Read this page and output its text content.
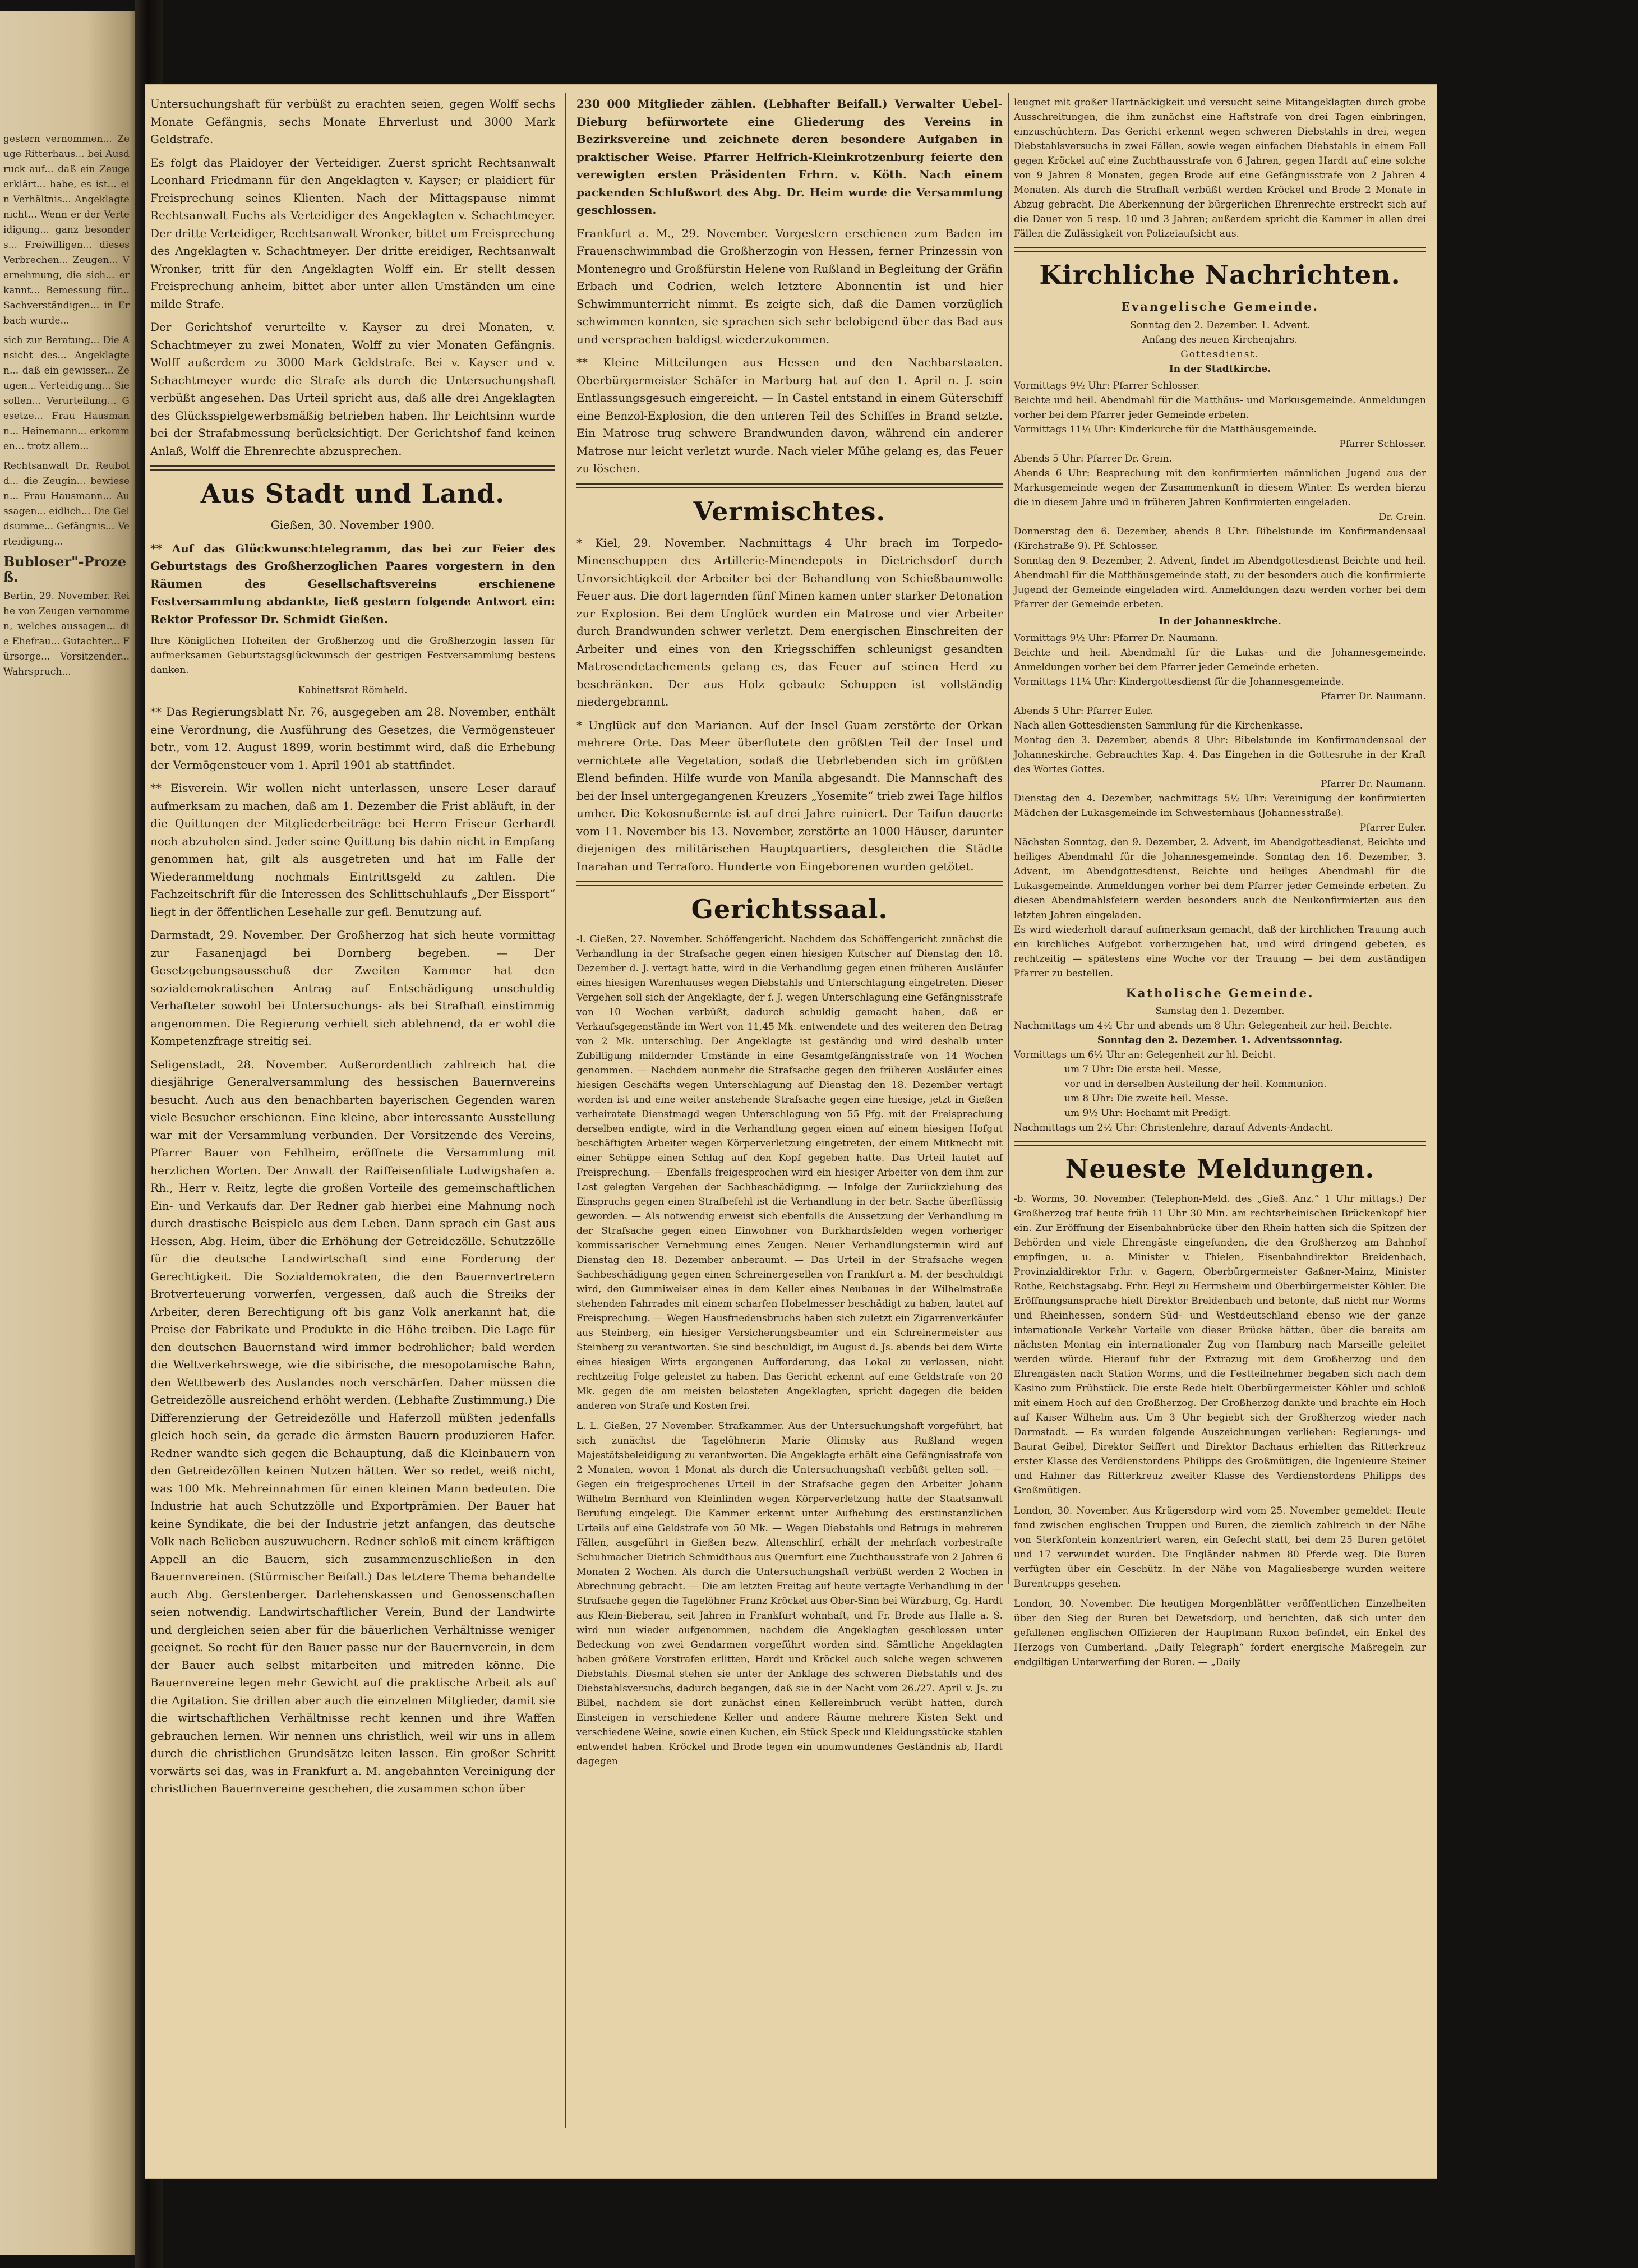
gestern vernommen... Zeuge Ritterhaus... bei Ausdruck auf... daß ein Zeuge erklärt... habe, es ist... ein Verhältnis... Angeklagte nicht... Wenn er der Verteidigung... ganz besonders... Freiwilligen... dieses Verbrechen... Zeugen... Vernehmung, die sich... erkannt... Bemessung für... Sachverständigen... in Erbach wurde...

sich zur Beratung... Die Ansicht des... Angeklagten... daß ein gewisser... Zeugen... Verteidigung... Sie sollen... Verurteilung... Gesetze... Frau Hausmann... Heinemann... erkommen... trotz allem...

Rechtsanwalt Dr. Reubold... die Zeugin... bewiesen... Frau Hausmann... Aussagen... eidlich... Die Geldsumme... Gefängnis... Verteidigung...

Bubloser"-Prozeß.

Berlin, 29. November. Reihe von Zeugen vernommen, welches aussagen... die Ehefrau... Gutachter... Fürsorge... Vorsitzender... Wahrspruch...

Untersuchungshaft für verbüßt zu erachten seien, gegen Wolff sechs Monate Gefängnis, sechs Monate Ehrverlust und 3000 Mark Geldstrafe.

Es folgt das Plaidoyer der Verteidiger. Zuerst spricht Rechtsanwalt Leonhard Friedmann für den Angeklagten v. Kayser; er plaidiert für Freisprechung seines Klienten. Nach der Mittagspause nimmt Rechtsanwalt Fuchs als Verteidiger des Angeklagten v. Schachtmeyer. Der dritte Verteidiger, Rechtsanwalt Wronker, bittet um Freisprechung des Angeklagten v. Schachtmeyer. Der dritte ereidiger, Rechtsanwalt Wronker, tritt für den Angeklagten Wolff ein. Er stellt dessen Freisprechung anheim, bittet aber unter allen Umständen um eine milde Strafe.

Der Gerichtshof verurteilte v. Kayser zu drei Monaten, v. Schachtmeyer zu zwei Monaten, Wolff zu vier Monaten Gefängnis. Wolff außerdem zu 3000 Mark Geldstrafe. Bei v. Kayser und v. Schachtmeyer wurde die Strafe als durch die Untersuchungshaft verbüßt angesehen. Das Urteil spricht aus, daß alle drei Angeklagten des Glücksspielgewerbsmäßig betrieben haben. Ihr Leichtsinn wurde bei der Strafabmessung berücksichtigt. Der Gerichtshof fand keinen Anlaß, Wolff die Ehrenrechte abzusprechen.

Aus Stadt und Land.

Gießen, 30. November 1900.

** Auf das Glückwunschtelegramm, das bei zur Feier des Geburtstags des Großherzoglichen Paares vorgestern in den Räumen des Gesellschaftsvereins erschienene Festversammlung abdankte, ließ gestern folgende Antwort ein: Rektor Professor Dr. Schmidt Gießen.

Ihre Königlichen Hoheiten der Großherzog und die Großherzogin lassen für aufmerksamen Geburtstagsglückwunsch der gestrigen Festversammlung bestens danken.

Kabinettsrat Römheld.

** Das Regierungsblatt Nr. 76, ausgegeben am 28. November, enthält eine Verordnung, die Ausführung des Gesetzes, die Vermögensteuer betr., vom 12. August 1899, worin bestimmt wird, daß die Erhebung der Vermögensteuer vom 1. April 1901 ab stattfindet.

** Eisverein. Wir wollen nicht unterlassen, unsere Leser darauf aufmerksam zu machen, daß am 1. Dezember die Frist abläuft, in der die Quittungen der Mitgliederbeiträge bei Herrn Friseur Gerhardt noch abzuholen sind. Jeder seine Quittung bis dahin nicht in Empfang genommen hat, gilt als ausgetreten und hat im Falle der Wiederanmeldung nochmals Eintrittsgeld zu zahlen. Die Fachzeitschrift für die Interessen des Schlittschuhlaufs „Der Eissport“ liegt in der öffentlichen Lesehalle zur gefl. Benutzung auf.

Darmstadt, 29. November. Der Großherzog hat sich heute vormittag zur Fasanenjagd bei Dornberg begeben. — Der Gesetzgebungsausschuß der Zweiten Kammer hat den sozialdemokratischen Antrag auf Entschädigung unschuldig Verhafteter sowohl bei Untersuchungs- als bei Strafhaft einstimmig angenommen. Die Regierung verhielt sich ablehnend, da er wohl die Kompetenzfrage streitig sei.

Seligenstadt, 28. November. Außerordentlich zahlreich hat die diesjährige Generalversammlung des hessischen Bauernvereins besucht. Auch aus den benachbarten bayerischen Gegenden waren viele Besucher erschienen. Eine kleine, aber interessante Ausstellung war mit der Versammlung verbunden. Der Vorsitzende des Vereins, Pfarrer Bauer von Fehlheim, eröffnete die Versammlung mit herzlichen Worten. Der Anwalt der Raiffeisenfiliale Ludwigshafen a. Rh., Herr v. Reitz, legte die großen Vorteile des gemeinschaftlichen Ein- und Verkaufs dar. Der Redner gab hierbei eine Mahnung noch durch drastische Beispiele aus dem Leben. Dann sprach ein Gast aus Hessen, Abg. Heim, über die Erhöhung der Getreidezölle. Schutzzölle für die deutsche Landwirtschaft sind eine Forderung der Gerechtigkeit. Die Sozialdemokraten, die den Bauernvertretern Brotverteuerung vorwerfen, vergessen, daß auch die Streiks der Arbeiter, deren Berechtigung oft bis ganz Volk anerkannt hat, die Preise der Fabrikate und Produkte in die Höhe treiben. Die Lage für den deutschen Bauernstand wird immer bedrohlicher; bald werden die Weltverkehrswege, wie die sibirische, die mesopotamische Bahn, den Wettbewerb des Auslandes noch verschärfen. Daher müssen die Getreidezölle ausreichend erhöht werden. (Lebhafte Zustimmung.) Die Differenzierung der Getreidezölle und Haferzoll müßten jedenfalls gleich hoch sein, da gerade die ärmsten Bauern produzieren Hafer. Redner wandte sich gegen die Behauptung, daß die Kleinbauern von den Getreidezöllen keinen Nutzen hätten. Wer so redet, weiß nicht, was 100 Mk. Mehreinnahmen für einen kleinen Mann bedeuten. Die Industrie hat auch Schutzzölle und Exportprämien. Der Bauer hat keine Syndikate, die bei der Industrie jetzt anfangen, das deutsche Volk nach Belieben auszuwuchern. Redner schloß mit einem kräftigen Appell an die Bauern, sich zusammenzuschließen in den Bauernvereinen. (Stürmischer Beifall.) Das letztere Thema behandelte auch Abg. Gerstenberger. Darlehenskassen und Genossenschaften seien notwendig. Landwirtschaftlicher Verein, Bund der Landwirte und dergleichen seien aber für die bäuerlichen Verhältnisse weniger geeignet. So recht für den Bauer passe nur der Bauernverein, in dem der Bauer auch selbst mitarbeiten und mitreden könne. Die Bauernvereine legen mehr Gewicht auf die praktische Arbeit als auf die Agitation. Sie drillen aber auch die einzelnen Mitglieder, damit sie die wirtschaftlichen Verhältnisse recht kennen und ihre Waffen gebrauchen lernen. Wir nennen uns christlich, weil wir uns in allem durch die christlichen Grundsätze leiten lassen. Ein großer Schritt vorwärts sei das, was in Frankfurt a. M. angebahnten Vereinigung der christlichen Bauernvereine geschehen, die zusammen schon über

230 000 Mitglieder zählen. (Lebhafter Beifall.) Verwalter Uebel-Dieburg befürwortete eine Gliederung des Vereins in Bezirksvereine und zeichnete deren besondere Aufgaben in praktischer Weise. Pfarrer Helfrich-Kleinkrotzenburg feierte den verewigten ersten Präsidenten Frhrn. v. Köth. Nach einem packenden Schlußwort des Abg. Dr. Heim wurde die Versammlung geschlossen.

Frankfurt a. M., 29. November. Vorgestern erschienen zum Baden im Frauenschwimmbad die Großherzogin von Hessen, ferner Prinzessin von Montenegro und Großfürstin Helene von Rußland in Begleitung der Gräfin Erbach und Codrien, welch letztere Abonnentin ist und hier Schwimmunterricht nimmt. Es zeigte sich, daß die Damen vorzüglich schwimmen konnten, sie sprachen sich sehr belobigend über das Bad aus und versprachen baldigst wiederzukommen.

** Kleine Mitteilungen aus Hessen und den Nachbarstaaten. Oberbürgermeister Schäfer in Marburg hat auf den 1. April n. J. sein Entlassungsgesuch eingereicht. — In Castel entstand in einem Güterschiff eine Benzol-Explosion, die den unteren Teil des Schiffes in Brand setzte. Ein Matrose trug schwere Brandwunden davon, während ein anderer Matrose nur leicht verletzt wurde. Nach vieler Mühe gelang es, das Feuer zu löschen.

Vermischtes.

* Kiel, 29. November. Nachmittags 4 Uhr brach im Torpedo-Minenschuppen des Artillerie-Minendepots in Dietrichsdorf durch Unvorsichtigkeit der Arbeiter bei der Behandlung von Schießbaumwolle Feuer aus. Die dort lagernden fünf Minen kamen unter starker Detonation zur Explosion. Bei dem Unglück wurden ein Matrose und vier Arbeiter durch Brandwunden schwer verletzt. Dem energischen Einschreiten der Arbeiter und eines von den Kriegsschiffen schleunigst gesandten Matrosendetachements gelang es, das Feuer auf seinen Herd zu beschränken. Der aus Holz gebaute Schuppen ist vollständig niedergebrannt.

* Unglück auf den Marianen. Auf der Insel Guam zerstörte der Orkan mehrere Orte. Das Meer überflutete den größten Teil der Insel und vernichtete alle Vegetation, sodaß die Uebrlebenden sich im größten Elend befinden. Hilfe wurde von Manila abgesandt. Die Mannschaft des bei der Insel untergegangenen Kreuzers „Yosemite“ trieb zwei Tage hilflos umher. Die Kokosnußernte ist auf drei Jahre ruiniert. Der Taifun dauerte vom 11. November bis 13. November, zerstörte an 1000 Häuser, darunter diejenigen des militärischen Hauptquartiers, desgleichen die Städte Inarahan und Terraforo. Hunderte von Eingeborenen wurden getötet.

Gerichtssaal.

-l. Gießen, 27. November. Schöffengericht. Nachdem das Schöffengericht zunächst die Verhandlung in der Strafsache gegen einen hiesigen Kutscher auf Dienstag den 18. Dezember d. J. vertagt hatte, wird in die Verhandlung gegen einen früheren Ausläufer eines hiesigen Warenhauses wegen Diebstahls und Unterschlagung eingetreten. Dieser Vergehen soll sich der Angeklagte, der f. J. wegen Unterschlagung eine Gefängnisstrafe von 10 Wochen verbüßt, dadurch schuldig gemacht haben, daß er Verkaufsgegenstände im Wert von 11,45 Mk. entwendete und des weiteren den Betrag von 2 Mk. unterschlug. Der Angeklagte ist geständig und wird deshalb unter Zubilligung mildernder Umstände in eine Gesamtgefängnisstrafe von 14 Wochen genommen. — Nachdem nunmehr die Strafsache gegen den früheren Ausläufer eines hiesigen Geschäfts wegen Unterschlagung auf Dienstag den 18. Dezember vertagt worden ist und eine weiter anstehende Strafsache gegen eine hiesige, jetzt in Gießen verheiratete Dienstmagd wegen Unterschlagung von 55 Pfg. mit der Freisprechung derselben endigte, wird in die Verhandlung gegen einen auf einem hiesigen Hofgut beschäftigten Arbeiter wegen Körperverletzung eingetreten, der einem Mitknecht mit einer Schüppe einen Schlag auf den Kopf gegeben hatte. Das Urteil lautet auf Freisprechung. — Ebenfalls freigesprochen wird ein hiesiger Arbeiter von dem ihm zur Last gelegten Vergehen der Sachbeschädigung. — Infolge der Zurückziehung des Einspruchs gegen einen Strafbefehl ist die Verhandlung in der betr. Sache überflüssig geworden. — Als notwendig erweist sich ebenfalls die Aussetzung der Verhandlung in der Strafsache gegen einen Einwohner von Burkhardsfelden wegen vorheriger kommissarischer Vernehmung eines Zeugen. Neuer Verhandlungstermin wird auf Dienstag den 18. Dezember anberaumt. — Das Urteil in der Strafsache wegen Sachbeschädigung gegen einen Schreinergesellen von Frankfurt a. M. der beschuldigt wird, den Gummiweiser eines in dem Keller eines Neubaues in der Wilhelmstraße stehenden Fahrrades mit einem scharfen Hobelmesser beschädigt zu haben, lautet auf Freisprechung. — Wegen Hausfriedensbruchs haben sich zuletzt ein Zigarrenverkäufer aus Steinberg, ein hiesiger Versicherungsbeamter und ein Schreinermeister aus Steinberg zu verantworten. Sie sind beschuldigt, im August d. Js. abends bei dem Wirte eines hiesigen Wirts ergangenen Aufforderung, das Lokal zu verlassen, nicht rechtzeitig Folge geleistet zu haben. Das Gericht erkennt auf eine Geldstrafe von 20 Mk. gegen die am meisten belasteten Angeklagten, spricht dagegen die beiden anderen von Strafe und Kosten frei.

L. L. Gießen, 27 November. Strafkammer. Aus der Untersuchungshaft vorgeführt, hat sich zunächst die Tagelöhnerin Marie Olimsky aus Rußland wegen Majestätsbeleidigung zu verantworten. Die Angeklagte erhält eine Gefängnisstrafe von 2 Monaten, wovon 1 Monat als durch die Untersuchungshaft verbüßt gelten soll. — Gegen ein freigesprochenes Urteil in der Strafsache gegen den Arbeiter Johann Wilhelm Bernhard von Kleinlinden wegen Körperverletzung hatte der Staatsanwalt Berufung eingelegt. Die Kammer erkennt unter Aufhebung des erstinstanzlichen Urteils auf eine Geldstrafe von 50 Mk. — Wegen Diebstahls und Betrugs in mehreren Fällen, ausgeführt in Gießen bezw. Altenschlirf, erhält der mehrfach vorbestrafte Schuhmacher Dietrich Schmidthaus aus Quernfurt eine Zuchthausstrafe von 2 Jahren 6 Monaten 2 Wochen. Als durch die Untersuchungshaft verbüßt werden 2 Wochen in Abrechnung gebracht. — Die am letzten Freitag auf heute vertagte Verhandlung in der Strafsache gegen die Tagelöhner Franz Kröckel aus Ober-Sinn bei Würzburg, Gg. Hardt aus Klein-Bieberau, seit Jahren in Frankfurt wohnhaft, und Fr. Brode aus Halle a. S. wird nun wieder aufgenommen, nachdem die Angeklagten geschlossen unter Bedeckung von zwei Gendarmen vorgeführt worden sind. Sämtliche Angeklagten haben größere Vorstrafen erlitten, Hardt und Kröckel auch solche wegen schweren Diebstahls. Diesmal stehen sie unter der Anklage des schweren Diebstahls und des Diebstahlsversuchs, dadurch begangen, daß sie in der Nacht vom 26./27. April v. Js. zu Bilbel, nachdem sie dort zunächst einen Kellereinbruch verübt hatten, durch Einsteigen in verschiedene Keller und andere Räume mehrere Kisten Sekt und verschiedene Weine, sowie einen Kuchen, ein Stück Speck und Kleidungsstücke stahlen entwendet haben. Kröckel und Brode legen ein unumwundenes Geständnis ab, Hardt dagegen

leugnet mit großer Hartnäckigkeit und versucht seine Mitangeklagten durch grobe Ausschreitungen, die ihm zunächst eine Haftstrafe von drei Tagen einbringen, einzuschüchtern. Das Gericht erkennt wegen schweren Diebstahls in drei, wegen Diebstahlsversuchs in zwei Fällen, sowie wegen einfachen Diebstahls in einem Fall gegen Kröckel auf eine Zuchthausstrafe von 6 Jahren, gegen Hardt auf eine solche von 9 Jahren 8 Monaten, gegen Brode auf eine Gefängnisstrafe von 2 Jahren 4 Monaten. Als durch die Strafhaft verbüßt werden Kröckel und Brode 2 Monate in Abzug gebracht. Die Aberkennung der bürgerlichen Ehrenrechte erstreckt sich auf die Dauer von 5 resp. 10 und 3 Jahren; außerdem spricht die Kammer in allen drei Fällen die Zulässigkeit von Polizeiaufsicht aus.

Kirchliche Nachrichten.
Evangelische Gemeinde.

Sonntag den 2. Dezember. 1. Advent.

Anfang des neuen Kirchenjahrs.

Gottesdienst.

In der Stadtkirche.

Vormittags 9½ Uhr: Pfarrer Schlosser.

Beichte und heil. Abendmahl für die Matthäus- und Markusgemeinde. Anmeldungen vorher bei dem Pfarrer jeder Gemeinde erbeten.

Vormittags 11¼ Uhr: Kinderkirche für die Matthäusgemeinde.

Pfarrer Schlosser.

Abends 5 Uhr: Pfarrer Dr. Grein.

Abends 6 Uhr: Besprechung mit den konfirmierten männlichen Jugend aus der Markusgemeinde wegen der Zusammenkunft in diesem Winter. Es werden hierzu die in diesem Jahre und in früheren Jahren Konfirmierten eingeladen.

Dr. Grein.

Donnerstag den 6. Dezember, abends 8 Uhr: Bibelstunde im Konfirmandensaal (Kirchstraße 9). Pf. Schlosser.

Sonntag den 9. Dezember, 2. Advent, findet im Abendgottesdienst Beichte und heil. Abendmahl für die Matthäusgemeinde statt, zu der besonders auch die konfirmierte Jugend der Gemeinde eingeladen wird. Anmeldungen dazu werden vorher bei dem Pfarrer der Gemeinde erbeten.

In der Johanneskirche.

Vormittags 9½ Uhr: Pfarrer Dr. Naumann.

Beichte und heil. Abendmahl für die Lukas- und die Johannesgemeinde. Anmeldungen vorher bei dem Pfarrer jeder Gemeinde erbeten.

Vormittags 11¼ Uhr: Kindergottesdienst für die Johannesgemeinde.

Pfarrer Dr. Naumann.

Abends 5 Uhr: Pfarrer Euler.

Nach allen Gottesdiensten Sammlung für die Kirchenkasse.

Montag den 3. Dezember, abends 8 Uhr: Bibelstunde im Konfirmandensaal der Johanneskirche. Gebrauchtes Kap. 4. Das Eingehen in die Gottesruhe in der Kraft des Wortes Gottes.

Pfarrer Dr. Naumann.

Dienstag den 4. Dezember, nachmittags 5½ Uhr: Vereinigung der konfirmierten Mädchen der Lukasgemeinde im Schwesternhaus (Johannesstraße).

Pfarrer Euler.

Nächsten Sonntag, den 9. Dezember, 2. Advent, im Abendgottesdienst, Beichte und heiliges Abendmahl für die Johannesgemeinde. Sonntag den 16. Dezember, 3. Advent, im Abendgottesdienst, Beichte und heiliges Abendmahl für die Lukasgemeinde. Anmeldungen vorher bei dem Pfarrer jeder Gemeinde erbeten. Zu diesen Abendmahlsfeiern werden besonders auch die Neukonfirmierten aus den letzten Jahren eingeladen.

Es wird wiederholt darauf aufmerksam gemacht, daß der kirchlichen Trauung auch ein kirchliches Aufgebot vorherzugehen hat, und wird dringend gebeten, es rechtzeitig — spätestens eine Woche vor der Trauung — bei dem zuständigen Pfarrer zu bestellen.

Katholische Gemeinde.

Samstag den 1. Dezember.

Nachmittags um 4½ Uhr und abends um 8 Uhr: Gelegenheit zur heil. Beichte.

Sonntag den 2. Dezember. 1. Adventssonntag.

Vormittags um 6½ Uhr an: Gelegenheit zur hl. Beicht.

um 7 Uhr: Die erste heil. Messe,

vor und in derselben Austeilung der heil. Kommunion.

um 8 Uhr: Die zweite heil. Messe.

um 9½ Uhr: Hochamt mit Predigt.

Nachmittags um 2½ Uhr: Christenlehre, darauf Advents-Andacht.

Neueste Meldungen.

-b. Worms, 30. November. (Telephon-Meld. des „Gieß. Anz.“ 1 Uhr mittags.) Der Großherzog traf heute früh 11 Uhr 30 Min. am rechtsrheinischen Brückenkopf hier ein. Zur Eröffnung der Eisenbahnbrücke über den Rhein hatten sich die Spitzen der Behörden und viele Ehrengäste eingefunden, die den Großherzog am Bahnhof empfingen, u. a. Minister v. Thielen, Eisenbahndirektor Breidenbach, Provinzialdirektor Frhr. v. Gagern, Oberbürgermeister Gaßner-Mainz, Minister Rothe, Reichstagsabg. Frhr. Heyl zu Herrnsheim und Oberbürgermeister Köhler. Die Eröffnungsansprache hielt Direktor Breidenbach und betonte, daß nicht nur Worms und Rheinhessen, sondern Süd- und Westdeutschland ebenso wie der ganze internationale Verkehr Vorteile von dieser Brücke hätten, über die bereits am nächsten Montag ein internationaler Zug von Hamburg nach Marseille geleitet werden würde. Hierauf fuhr der Extrazug mit dem Großherzog und den Ehrengästen nach Station Worms, und die Festteilnehmer begaben sich nach dem Kasino zum Frühstück. Die erste Rede hielt Oberbürgermeister Köhler und schloß mit einem Hoch auf den Großherzog. Der Großherzog dankte und brachte ein Hoch auf Kaiser Wilhelm aus. Um 3 Uhr begiebt sich der Großherzog wieder nach Darmstadt. — Es wurden folgende Auszeichnungen verliehen: Regierungs- und Baurat Geibel, Direktor Seiffert und Direktor Bachaus erhielten das Ritterkreuz erster Klasse des Verdienstordens Philipps des Großmütigen, die Ingenieure Steiner und Hahner das Ritterkreuz zweiter Klasse des Verdienstordens Philipps des Großmütigen.

London, 30. November. Aus Krügersdorp wird vom 25. November gemeldet: Heute fand zwischen englischen Truppen und Buren, die ziemlich zahlreich in der Nähe von Sterkfontein konzentriert waren, ein Gefecht statt, bei dem 25 Buren getötet und 17 verwundet wurden. Die Engländer nahmen 80 Pferde weg. Die Buren verfügten über ein Geschütz. In der Nähe von Magaliesberge wurden weitere Burentrupps gesehen.

London, 30. November. Die heutigen Morgenblätter veröffentlichen Einzelheiten über den Sieg der Buren bei Dewetsdorp, und berichten, daß sich unter den gefallenen englischen Offizieren der Hauptmann Ruxon befindet, ein Enkel des Herzogs von Cumberland. „Daily Telegraph“ fordert energische Maßregeln zur endgiltigen Unterwerfung der Buren. — „Daily
